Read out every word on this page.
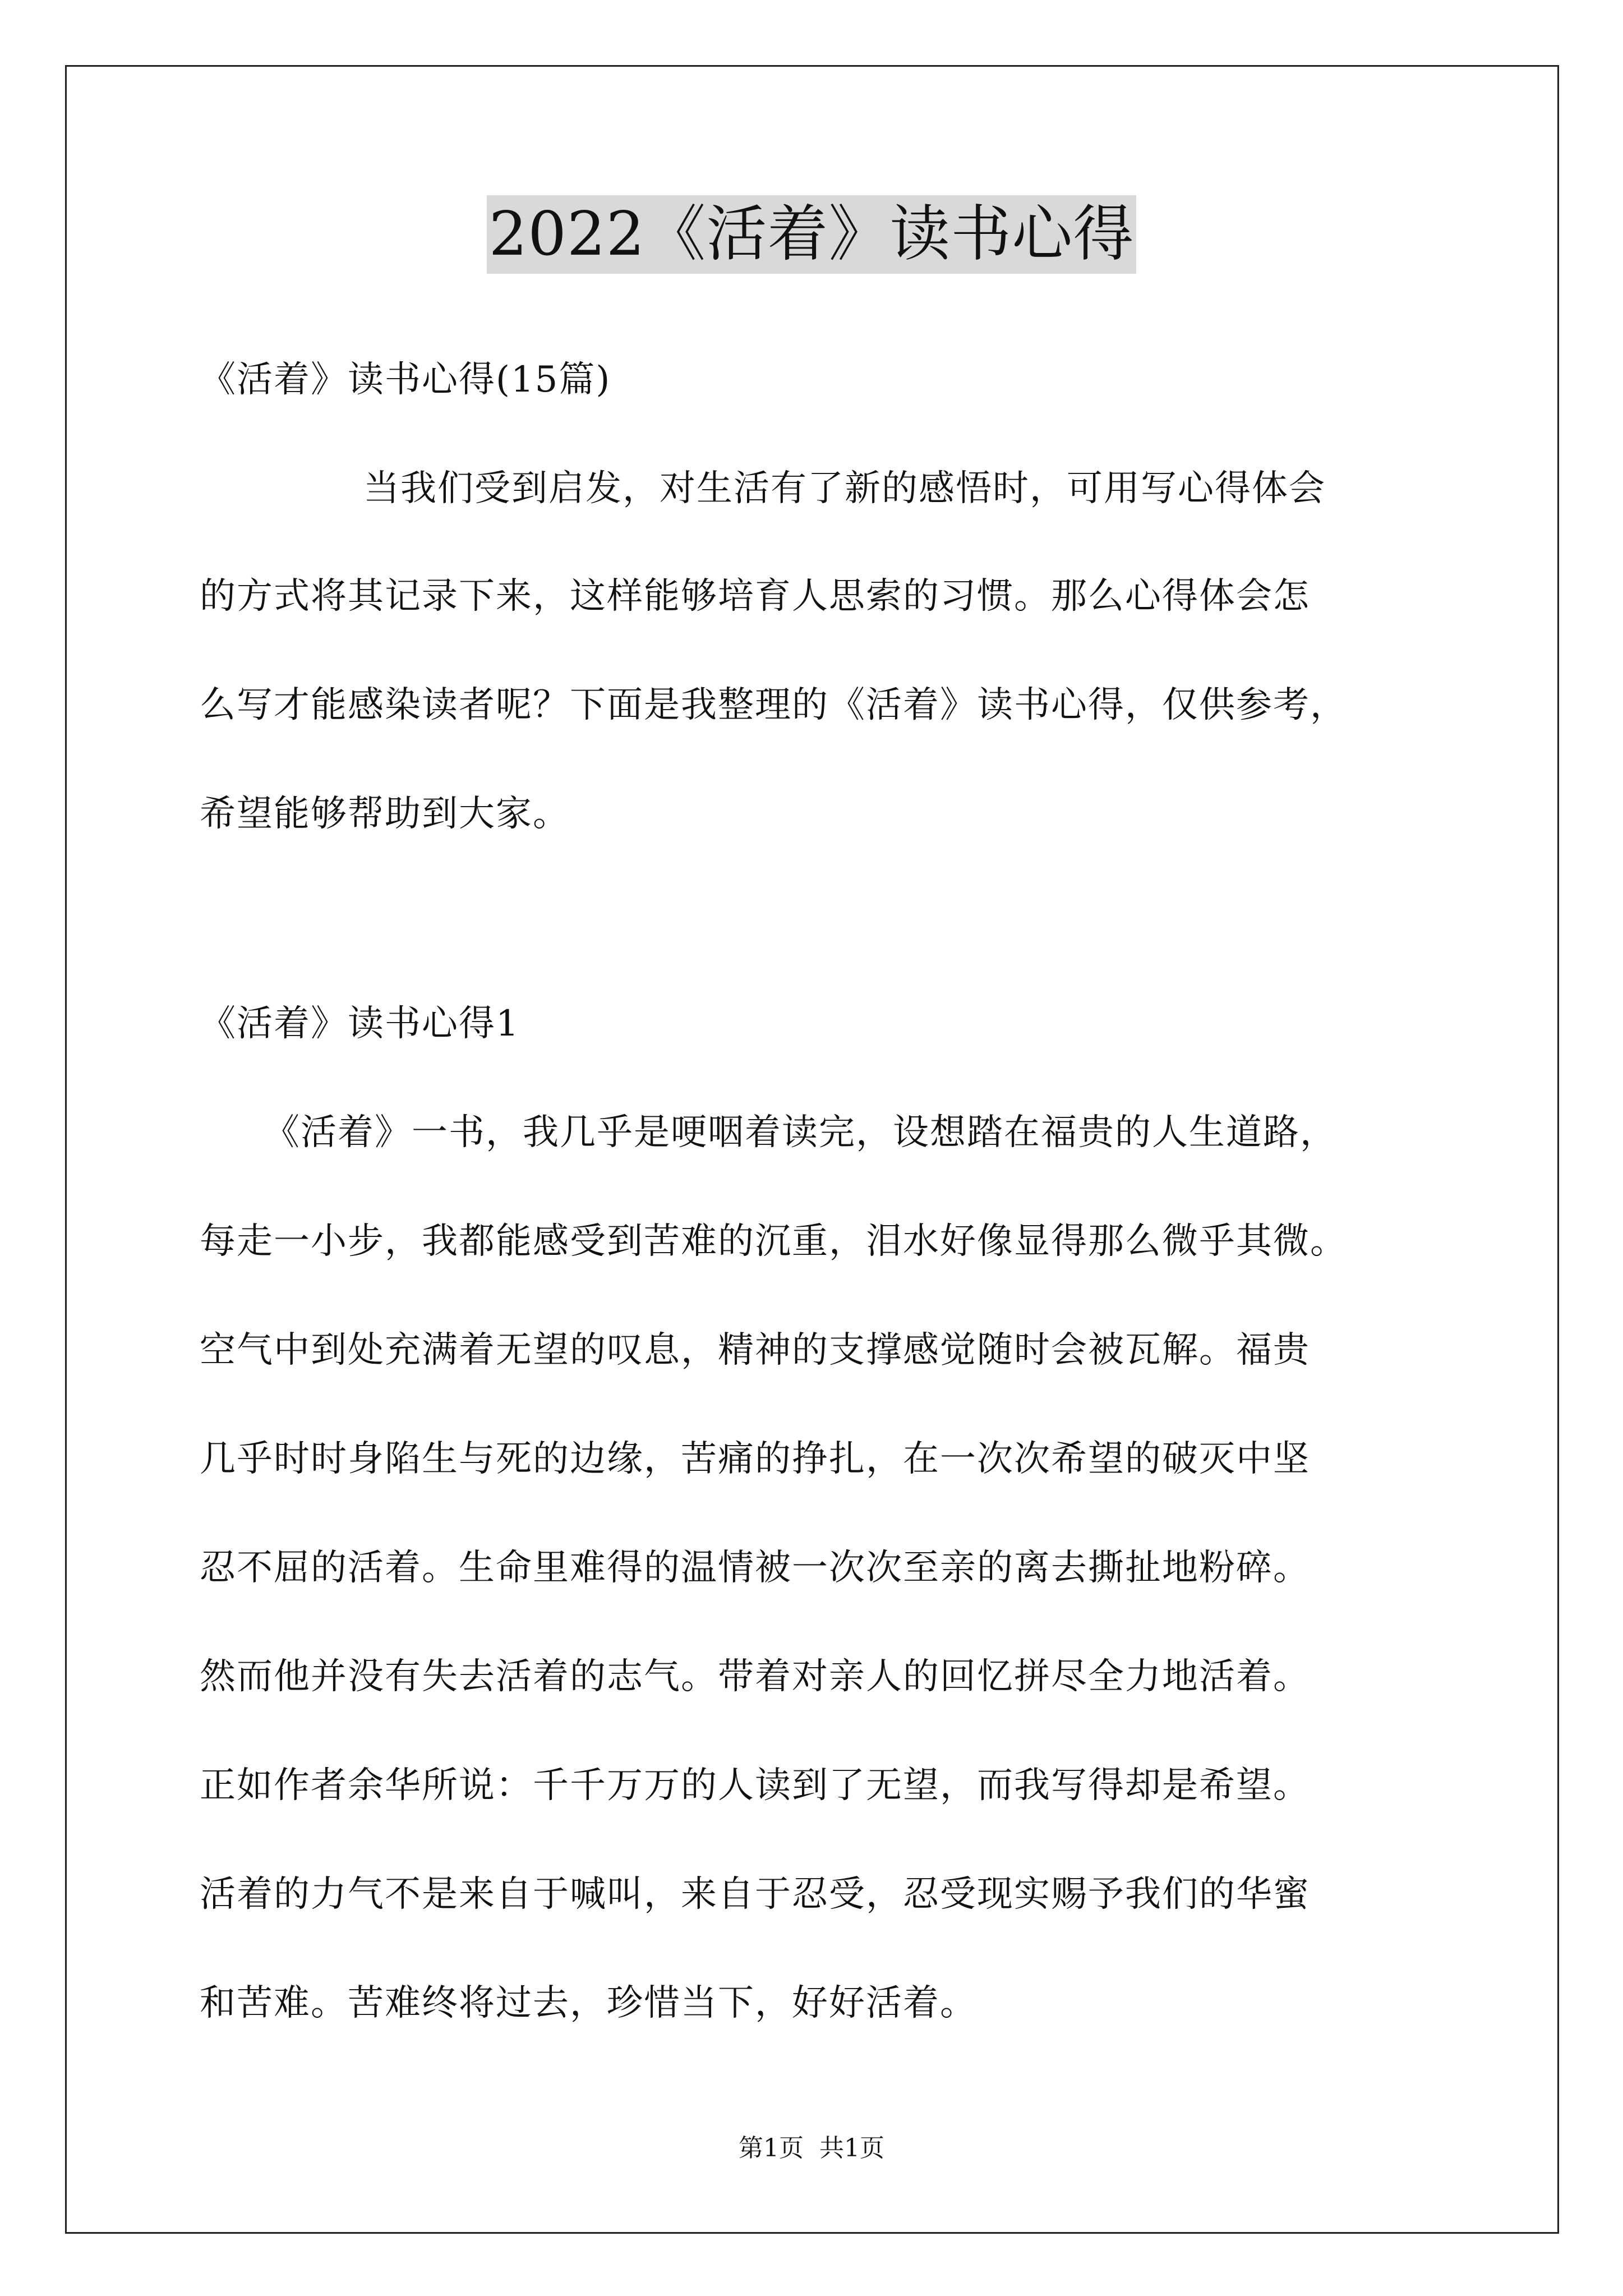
2022《活着》读书心得
《活着》读书心得(15篇)
当我们受到启发，对生活有了新的感悟时，可用写心得体会
的方式将其记录下来，这样能够培育人思索的习惯。那么心得体会怎
么写才能感染读者呢？下面是我整理的《活着》读书心得，仅供参考，
希望能够帮助到大家。
《活着》读书心得1
《活着》一书，我几乎是哽咽着读完，设想踏在福贵的人生道路，
每走一小步，我都能感受到苦难的沉重，泪水好像显得那么微乎其微。
空气中到处充满着无望的叹息，精神的支撑感觉随时会被瓦解。福贵
几乎时时身陷生与死的边缘，苦痛的挣扎，在一次次希望的破灭中坚
忍不屈的活着。生命里难得的温情被一次次至亲的离去撕扯地粉碎。
然而他并没有失去活着的志气。带着对亲人的回忆拼尽全力地活着。
正如作者余华所说：千千万万的人读到了无望，而我写得却是希望。
活着的力气不是来自于喊叫，来自于忍受，忍受现实赐予我们的华蜜
和苦难。苦难终将过去，珍惜当下，好好活着。
第1页 共1页
